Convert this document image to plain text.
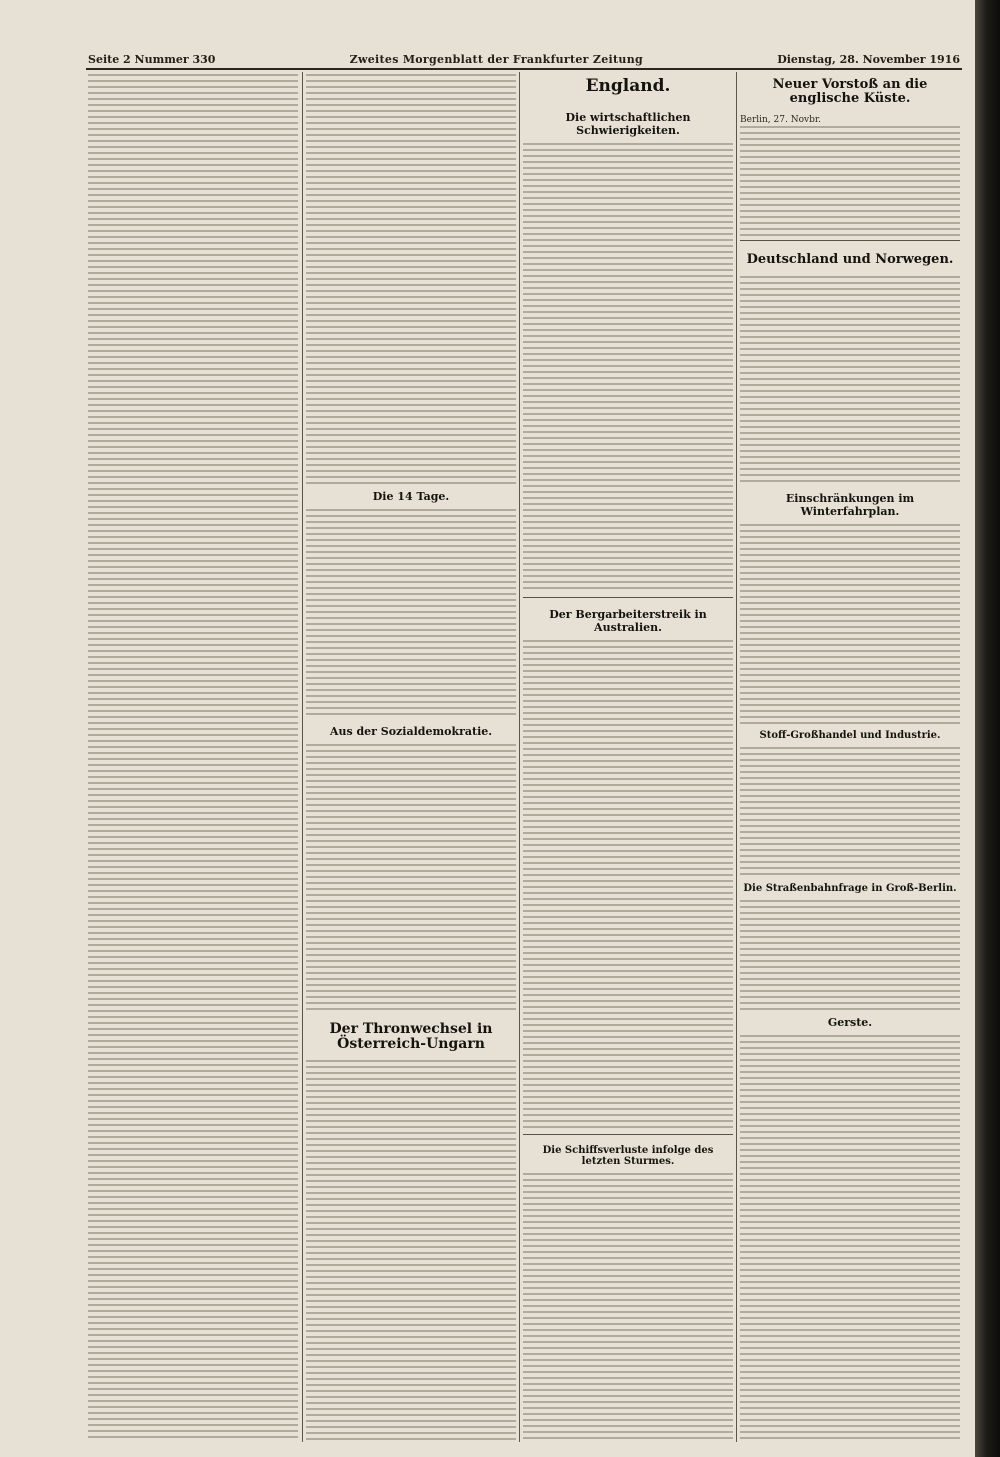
Seite 2 Nummer 330	Zweites Morgenblatt der Frankfurter Zeitung	Dienstag, 28. November 1916
Die 14 Tage.
Aus der Sozialdemokratie.
Der Thronwechsel in Österreich-Ungarn
England.
Die wirtschaftlichen Schwierigkeiten.
Der Bergarbeiterstreik in Australien.
Die Schiffsverluste infolge des letzten Sturmes.
Neuer Vorstoß an die englische Küste.
Berlin, 27. Novbr.
Deutschland und Norwegen.
Einschränkungen im Winterfahrplan.
Stoff-Großhandel und Industrie.
Die Straßenbahnfrage in Groß-Berlin.
Gerste.
